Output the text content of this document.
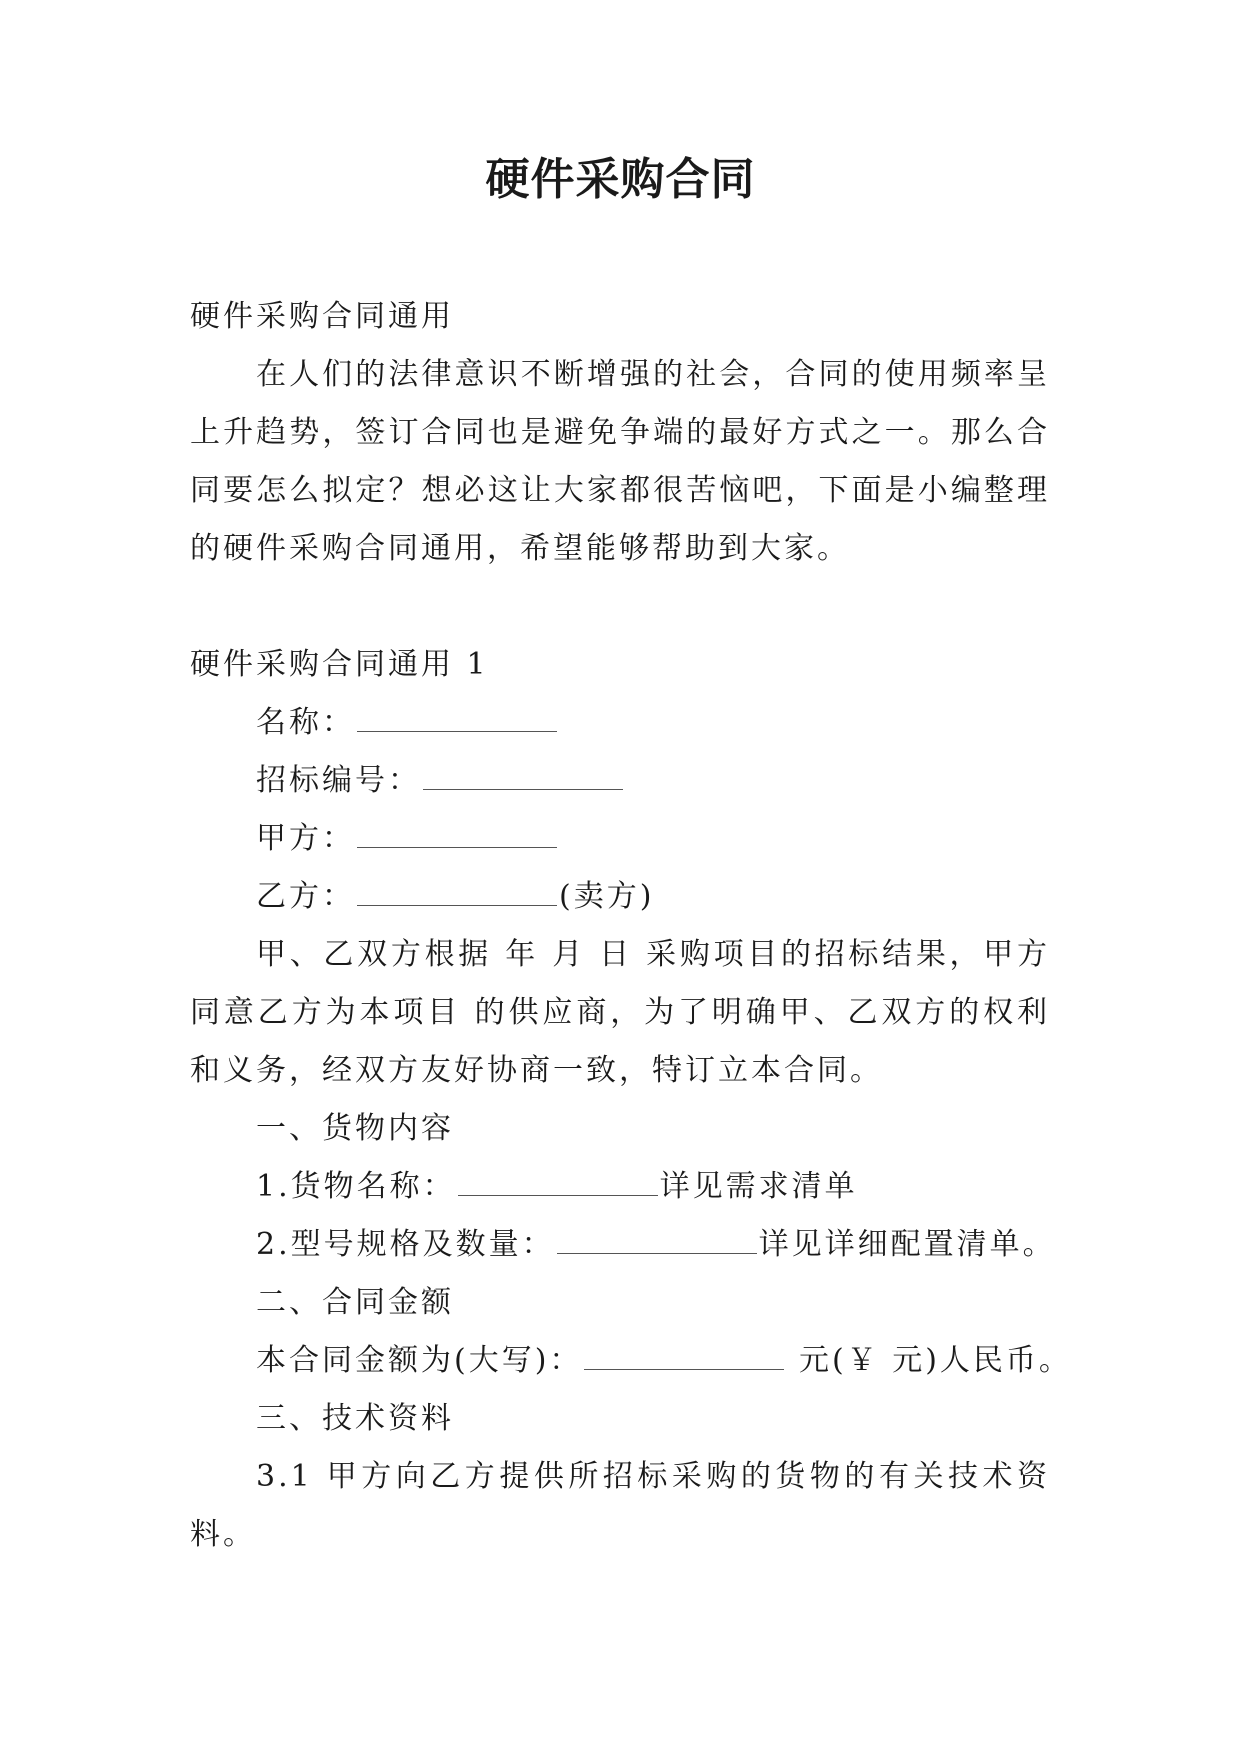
硬件采购合同
硬件采购合同通用
在人们的法律意识不断增强的社会，合同的使用频率呈上升趋势，签订合同也是避免争端的最好方式之一。那么合同要怎么拟定？想必这让大家都很苦恼吧，下面是小编整理的硬件采购合同通用，希望能够帮助到大家。
硬件采购合同通用 1
名称：
招标编号：
甲方：
乙方：	(卖方)
甲、乙双方根据 年 月 日 采购项目的招标结果，甲方同意乙方为本项目 的供应商，为了明确甲、乙双方的权利和义务，经双方友好协商一致，特订立本合同。
一、货物内容
1.货物名称：	详见需求清单
2.型号规格及数量：	详见详细配置清单。
二、合同金额
本合同金额为(大写)：	元(￥ 元)人民币。
三、技术资料
3.1 甲方向乙方提供所招标采购的货物的有关技术资料。
